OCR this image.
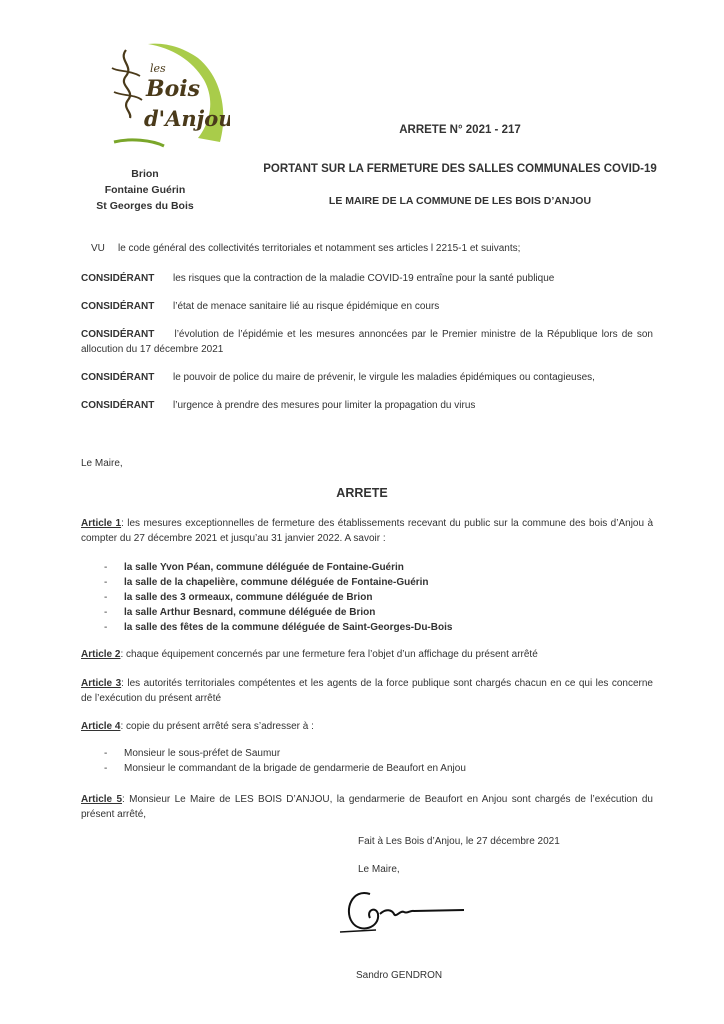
les
Bois
d'Anjou
Brion
Fontaine Guérin
St Georges du Bois
ARRETE N° 2021 - 217
PORTANT SUR LA FERMETURE DES SALLES COMMUNALES COVID-19
LE MAIRE DE LA COMMUNE DE LES BOIS D’ANJOU
VU le code général des collectivités territoriales et notamment ses articles l 2215-1 et suivants;
CONSIDÉRANT les risques que la contraction de la maladie COVID-19 entraîne pour la santé publique
CONSIDÉRANT l’état de menace sanitaire lié au risque épidémique en cours
CONSIDÉRANT l’évolution de l’épidémie et les mesures annoncées par le Premier ministre de la République lors de son allocution du 17 décembre 2021
CONSIDÉRANT le pouvoir de police du maire de prévenir, le virgule les maladies épidémiques ou contagieuses,
CONSIDÉRANT l’urgence à prendre des mesures pour limiter la propagation du virus
Le Maire,
ARRETE
Article 1: les mesures exceptionnelles de fermeture des établissements recevant du public sur la commune des bois d’Anjou à compter du 27 décembre 2021 et jusqu’au 31 janvier 2022. A savoir :
- la salle Yvon Péan, commune déléguée de Fontaine-Guérin
- la salle de la chapelière, commune déléguée de Fontaine-Guérin
- la salle des 3 ormeaux, commune déléguée de Brion
- la salle Arthur Besnard, commune déléguée de Brion
- la salle des fêtes de la commune déléguée de Saint-Georges-Du-Bois
Article 2: chaque équipement concernés par une fermeture fera l’objet d’un affichage du présent arrêté
Article 3: les autorités territoriales compétentes et les agents de la force publique sont chargés chacun en ce qui les concerne de l’exécution du présent arrêté
Article 4: copie du présent arrêté sera s’adresser à :
- Monsieur le sous-préfet de Saumur
- Monsieur le commandant de la brigade de gendarmerie de Beaufort en Anjou
Article 5: Monsieur Le Maire de LES BOIS D’ANJOU, la gendarmerie de Beaufort en Anjou sont chargés de l’exécution du présent arrêté,
Fait à Les Bois d’Anjou, le 27 décembre 2021
Le Maire,
Sandro GENDRON
